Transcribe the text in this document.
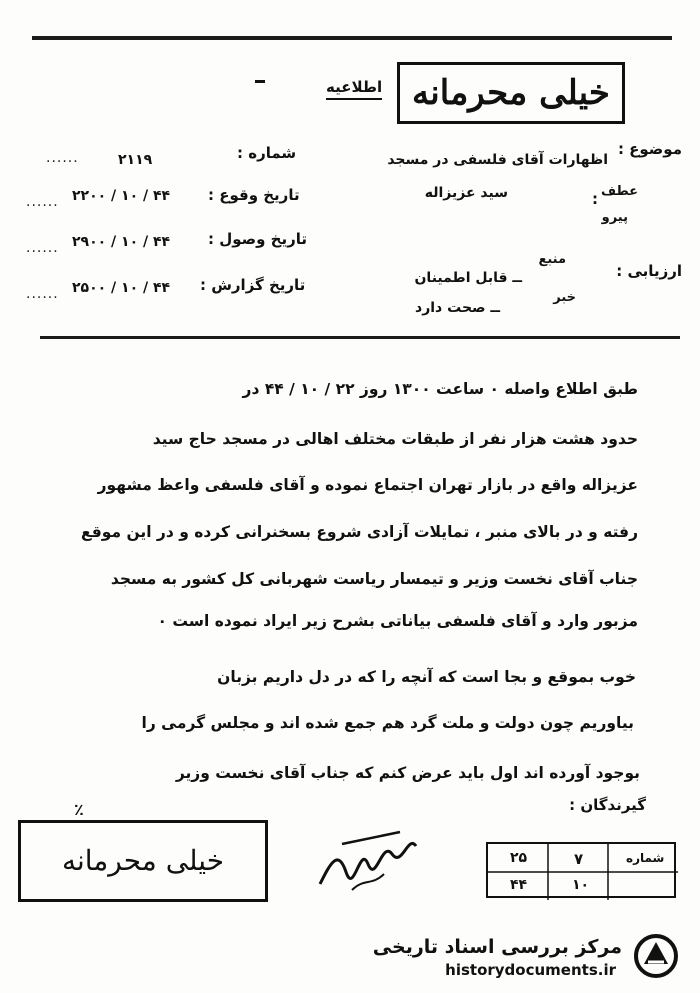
خیلی محرمانه
اطلاعیه
موضوع :
اظهارات آقای فلسفی در مسجد
عطف
:
سید عزیزاله
پیرو
ارزیابی :
منبع
ــ قابل اطمینان
خبر
ــ صحت دارد
شماره :
۲۱۱۹
......
تاریخ وقوع :
۲۲۰۰ / ۱۰ / ۴۴
......
تاریخ وصول :
۲۹۰۰ / ۱۰ / ۴۴
......
تاریخ گزارش :
۲۵۰۰ / ۱۰ / ۴۴
......
طبق اطلاع واصله ۰ ساعت ۱۳۰۰ روز ۲۲ / ۱۰ / ۴۴ در
حدود هشت هزار نفر از طبقات مختلف اهالی در مسجد حاج سید
عزیزاله واقع در بازار تهران اجتماع نموده و آقای فلسفی واعظ مشهور
رفته و در بالای منبر ، تمایلات آزادی شروع بسخنرانی کرده و در این موقع
جناب آقای نخست وزیر و تیمسار ریاست شهربانی کل کشور به مسجد
مزبور وارد و آقای فلسفی بیاناتی بشرح زیر ایراد نموده است ۰
خوب بموقع و بجا است که آنچه را که در دل داریم بزبان
بیاوریم چون دولت و ملت گرد هم جمع شده اند و مجلس گرمی را
بوجود آورده اند اول باید عرض کنم که جناب آقای نخست وزیر
٪	گیرندگان :
خیلی محرمانه	شماره
۷
۲۵
۱۰
۴۴
مرکز بررسی اسناد تاریخی
historydocuments.ir
